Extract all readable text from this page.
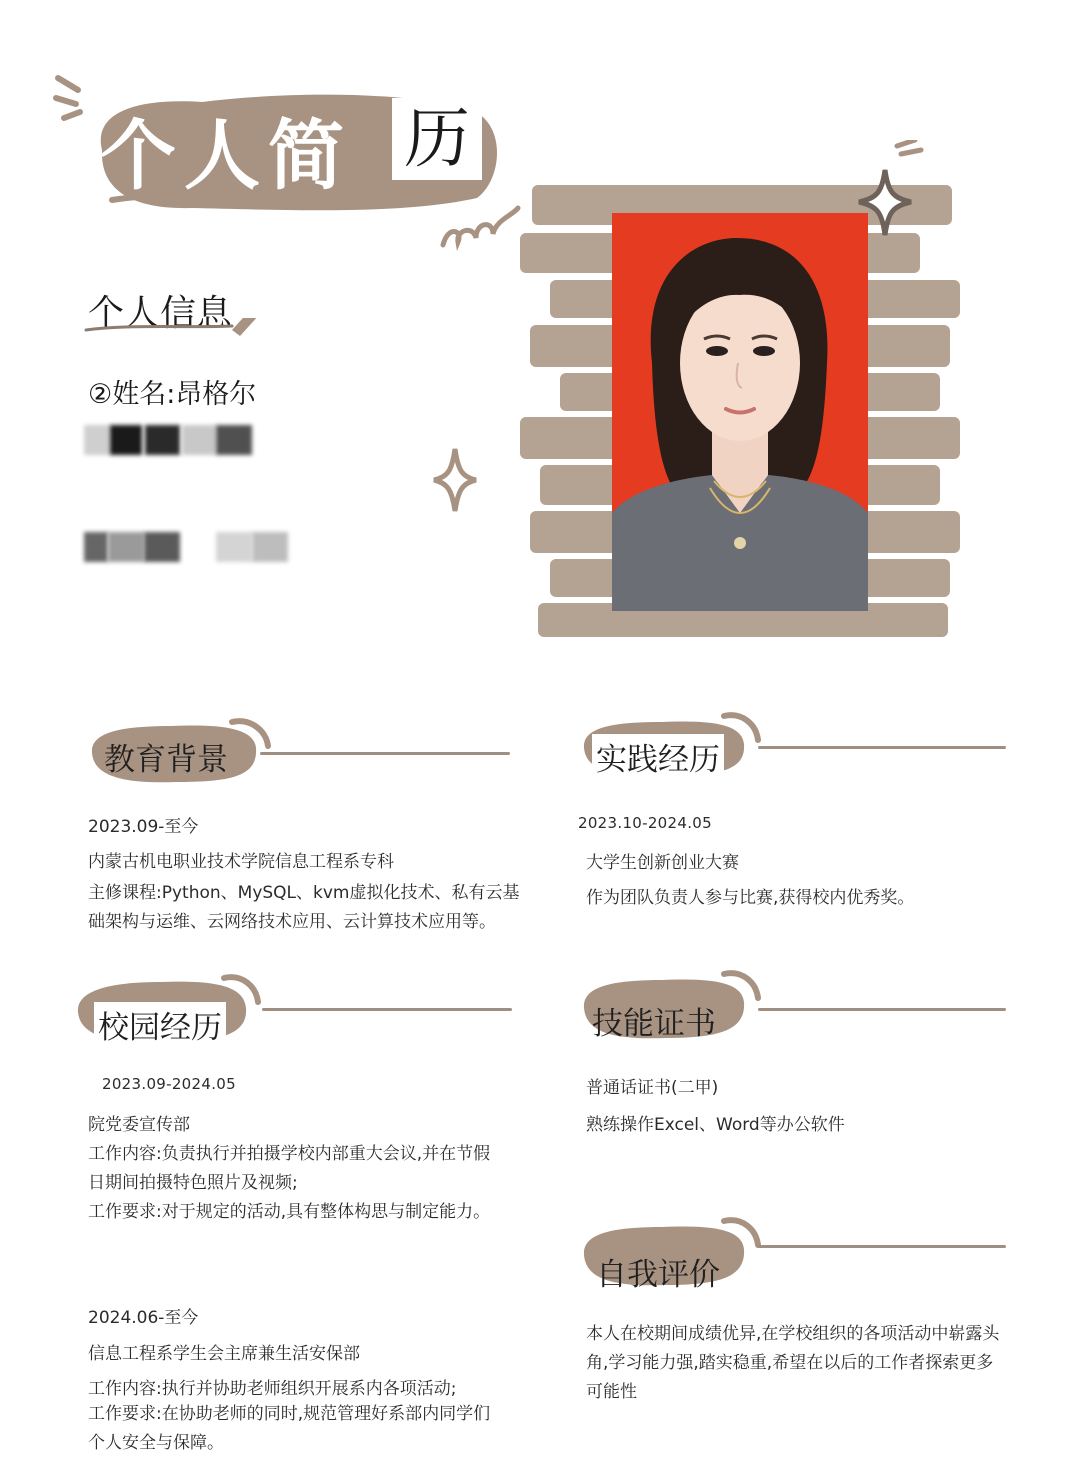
个人简 历
个人信息
②姓名:昂格尔
教育背景
2023.09-至今
内蒙古机电职业技术学院信息工程系专科
主修课程:Python、MySQL、kvm虚拟化技术、私有云基础架构与运维、云网络技术应用、云计算技术应用等。
校园经历
2023.09-2024.05
院党委宣传部
工作内容:负责执行并拍摄学校内部重大会议,并在节假日期间拍摄特色照片及视频;
工作要求:对于规定的活动,具有整体构思与制定能力。
2024.06-至今
信息工程系学生会主席兼生活安保部
工作内容:执行并协助老师组织开展系内各项活动;
工作要求:在协助老师的同时,规范管理好系部内同学们个人安全与保障。
实践经历
2023.10-2024.05
大学生创新创业大赛
作为团队负责人参与比赛,获得校内优秀奖。
技能证书
普通话证书(二甲)
熟练操作Excel、Word等办公软件
自我评价
本人在校期间成绩优异,在学校组织的各项活动中崭露头角,学习能力强,踏实稳重,希望在以后的工作者探索更多可能性
